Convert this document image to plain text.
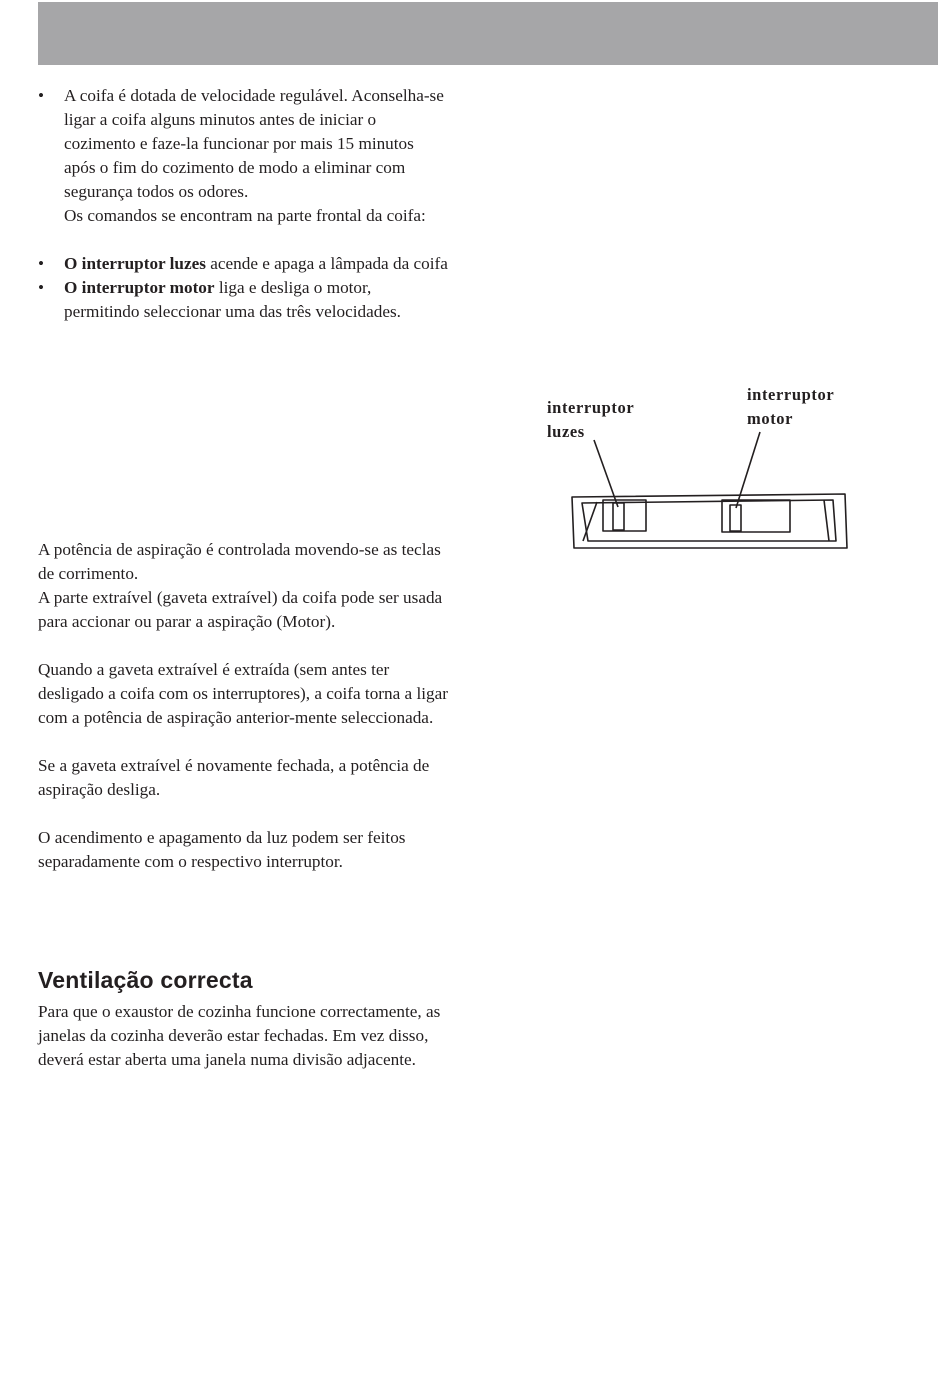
• A coifa é dotada de velocidade regulável. Aconselha-se ligar a coifa alguns minutos antes de iniciar o cozimento e faze-la funcionar por mais 15 minutos após o fim do cozimento de modo a eliminar com segurança todos os odores.

Os comandos se encontram na parte frontal da coifa:

• O interruptor luzes acende e apaga a lâmpada da coifa
• O interruptor motor liga e desliga o motor, permitindo seleccionar uma das três velocidades.

A potência de aspiração é controlada movendo-se as teclas de corrimento.

A parte extraível (gaveta extraível) da coifa pode ser usada para accionar ou parar a aspiração (Motor).

Quando a gaveta extraível é extraída (sem antes ter desligado a coifa com os interruptores), a coifa torna a ligar com a potência de aspiração anterior-mente seleccionada.

Se a gaveta extraível é novamente fechada, a potência de aspiração desliga.

O acendimento e apagamento da luz podem ser feitos separadamente com o respectivo interruptor.

Ventilação correcta

Para que o exaustor de cozinha funcione correctamente, as janelas da cozinha deverão estar fechadas. Em vez disso, deverá estar aberta uma janela numa divisão adjacente.

interruptor
luzes
interruptor
motor
